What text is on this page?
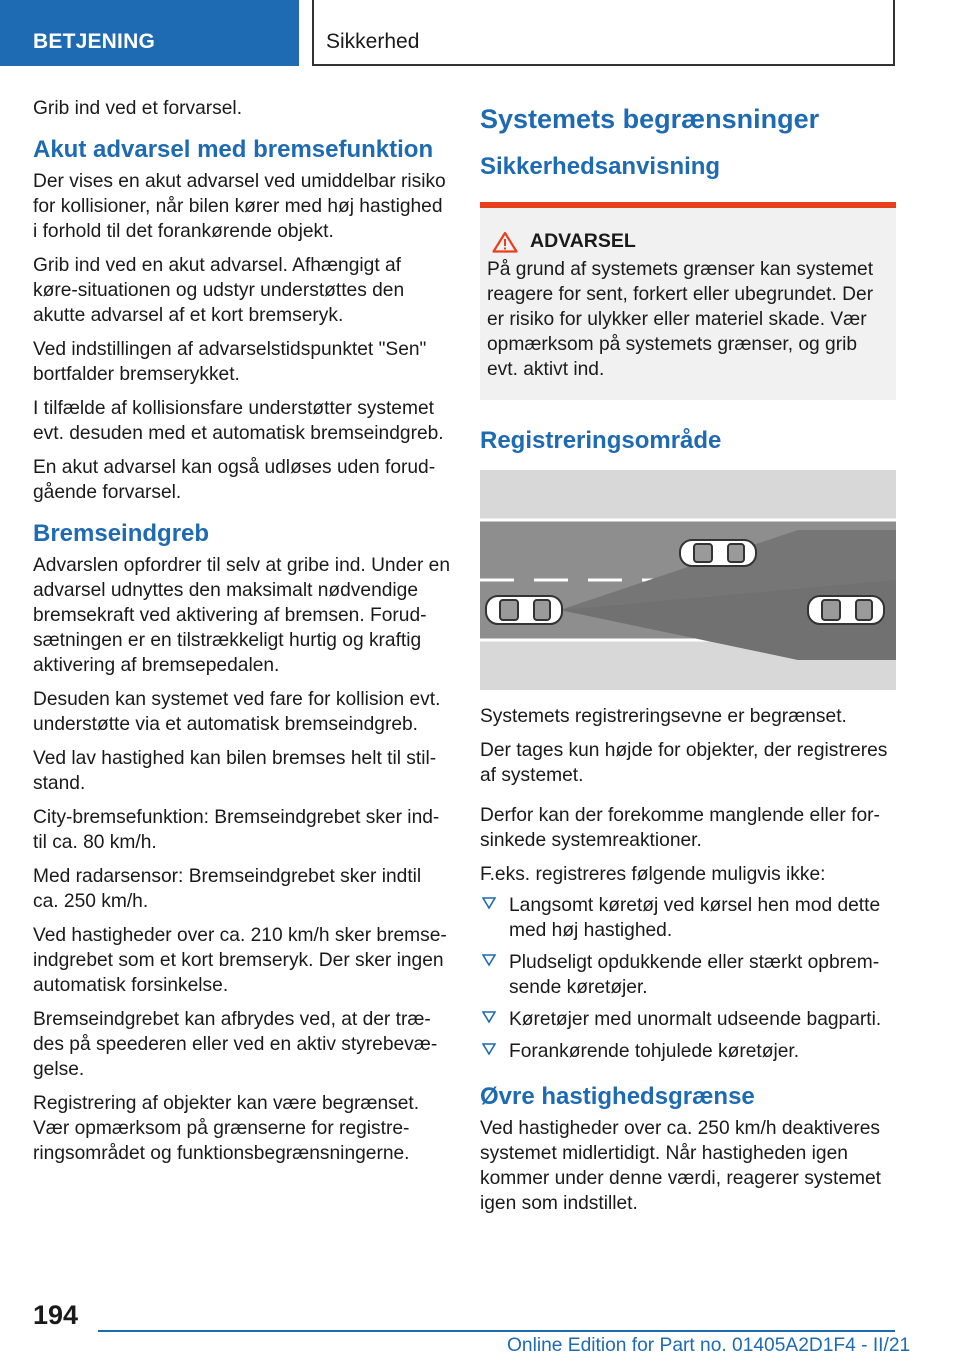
BETJENING	Sikkerhed

Grib ind ved et forvarsel.

Akut advarsel med bremsefunktion

Der vises en akut advarsel ved umiddelbar risiko for kollisioner, når bilen kører med høj hastighed i forhold til det forankørende objekt.

Grib ind ved en akut advarsel. Afhængigt af køre-situationen og udstyr understøttes den akutte advarsel af et kort bremseryk.

Ved indstillingen af advarselstidspunktet "Sen" bortfalder bremserykket.

I tilfælde af kollisionsfare understøtter systemet evt. desuden med et automatisk bremseindgreb.

En akut advarsel kan også udløses uden forud-gående forvarsel.

Bremseindgreb

Advarslen opfordrer til selv at gribe ind. Under en advarsel udnyttes den maksimalt nødvendige bremsekraft ved aktivering af bremsen. Forud-sætningen er en tilstrækkeligt hurtig og kraftig aktivering af bremsepedalen.

Desuden kan systemet ved fare for kollision evt. understøtte via et automatisk bremseindgreb.

Ved lav hastighed kan bilen bremses helt til stil-stand.

City-bremsefunktion: Bremseindgrebet sker ind-til ca. 80 km/h.

Med radarsensor: Bremseindgrebet sker indtil ca. 250 km/h.

Ved hastigheder over ca. 210 km/h sker bremse-indgrebet som et kort bremseryk. Der sker ingen automatisk forsinkelse.

Bremseindgrebet kan afbrydes ved, at der træ-des på speederen eller ved en aktiv styrebevæ-gelse.

Registrering af objekter kan være begrænset. Vær opmærksom på grænserne for registre-ringsområdet og funktionsbegrænsningerne.

Systemets begrænsninger
Sikkerhedsanvisning
ADVARSEL

På grund af systemets grænser kan systemet reagere for sent, forkert eller ubegrundet. Der er risiko for ulykker eller materiel skade. Vær opmærksom på systemets grænser, og grib evt. aktivt ind.

Registreringsområde

Systemets registreringsevne er begrænset.

Der tages kun højde for objekter, der registreres af systemet.

Derfor kan der forekomme manglende eller for-sinkede systemreaktioner.

F.eks. registreres følgende muligvis ikke:

Langsomt køretøj ved kørsel hen mod dette med høj hastighed.
Pludseligt opdukkende eller stærkt opbrem-sende køretøjer.
Køretøjer med unormalt udseende bagparti.
Forankørende tohjulede køretøjer.
Øvre hastighedsgrænse

Ved hastigheder over ca. 250 km/h deaktiveres systemet midlertidigt. Når hastigheden igen kommer under denne værdi, reagerer systemet igen som indstillet.

194
Online Edition for Part no. 01405A2D1F4 - II/21
